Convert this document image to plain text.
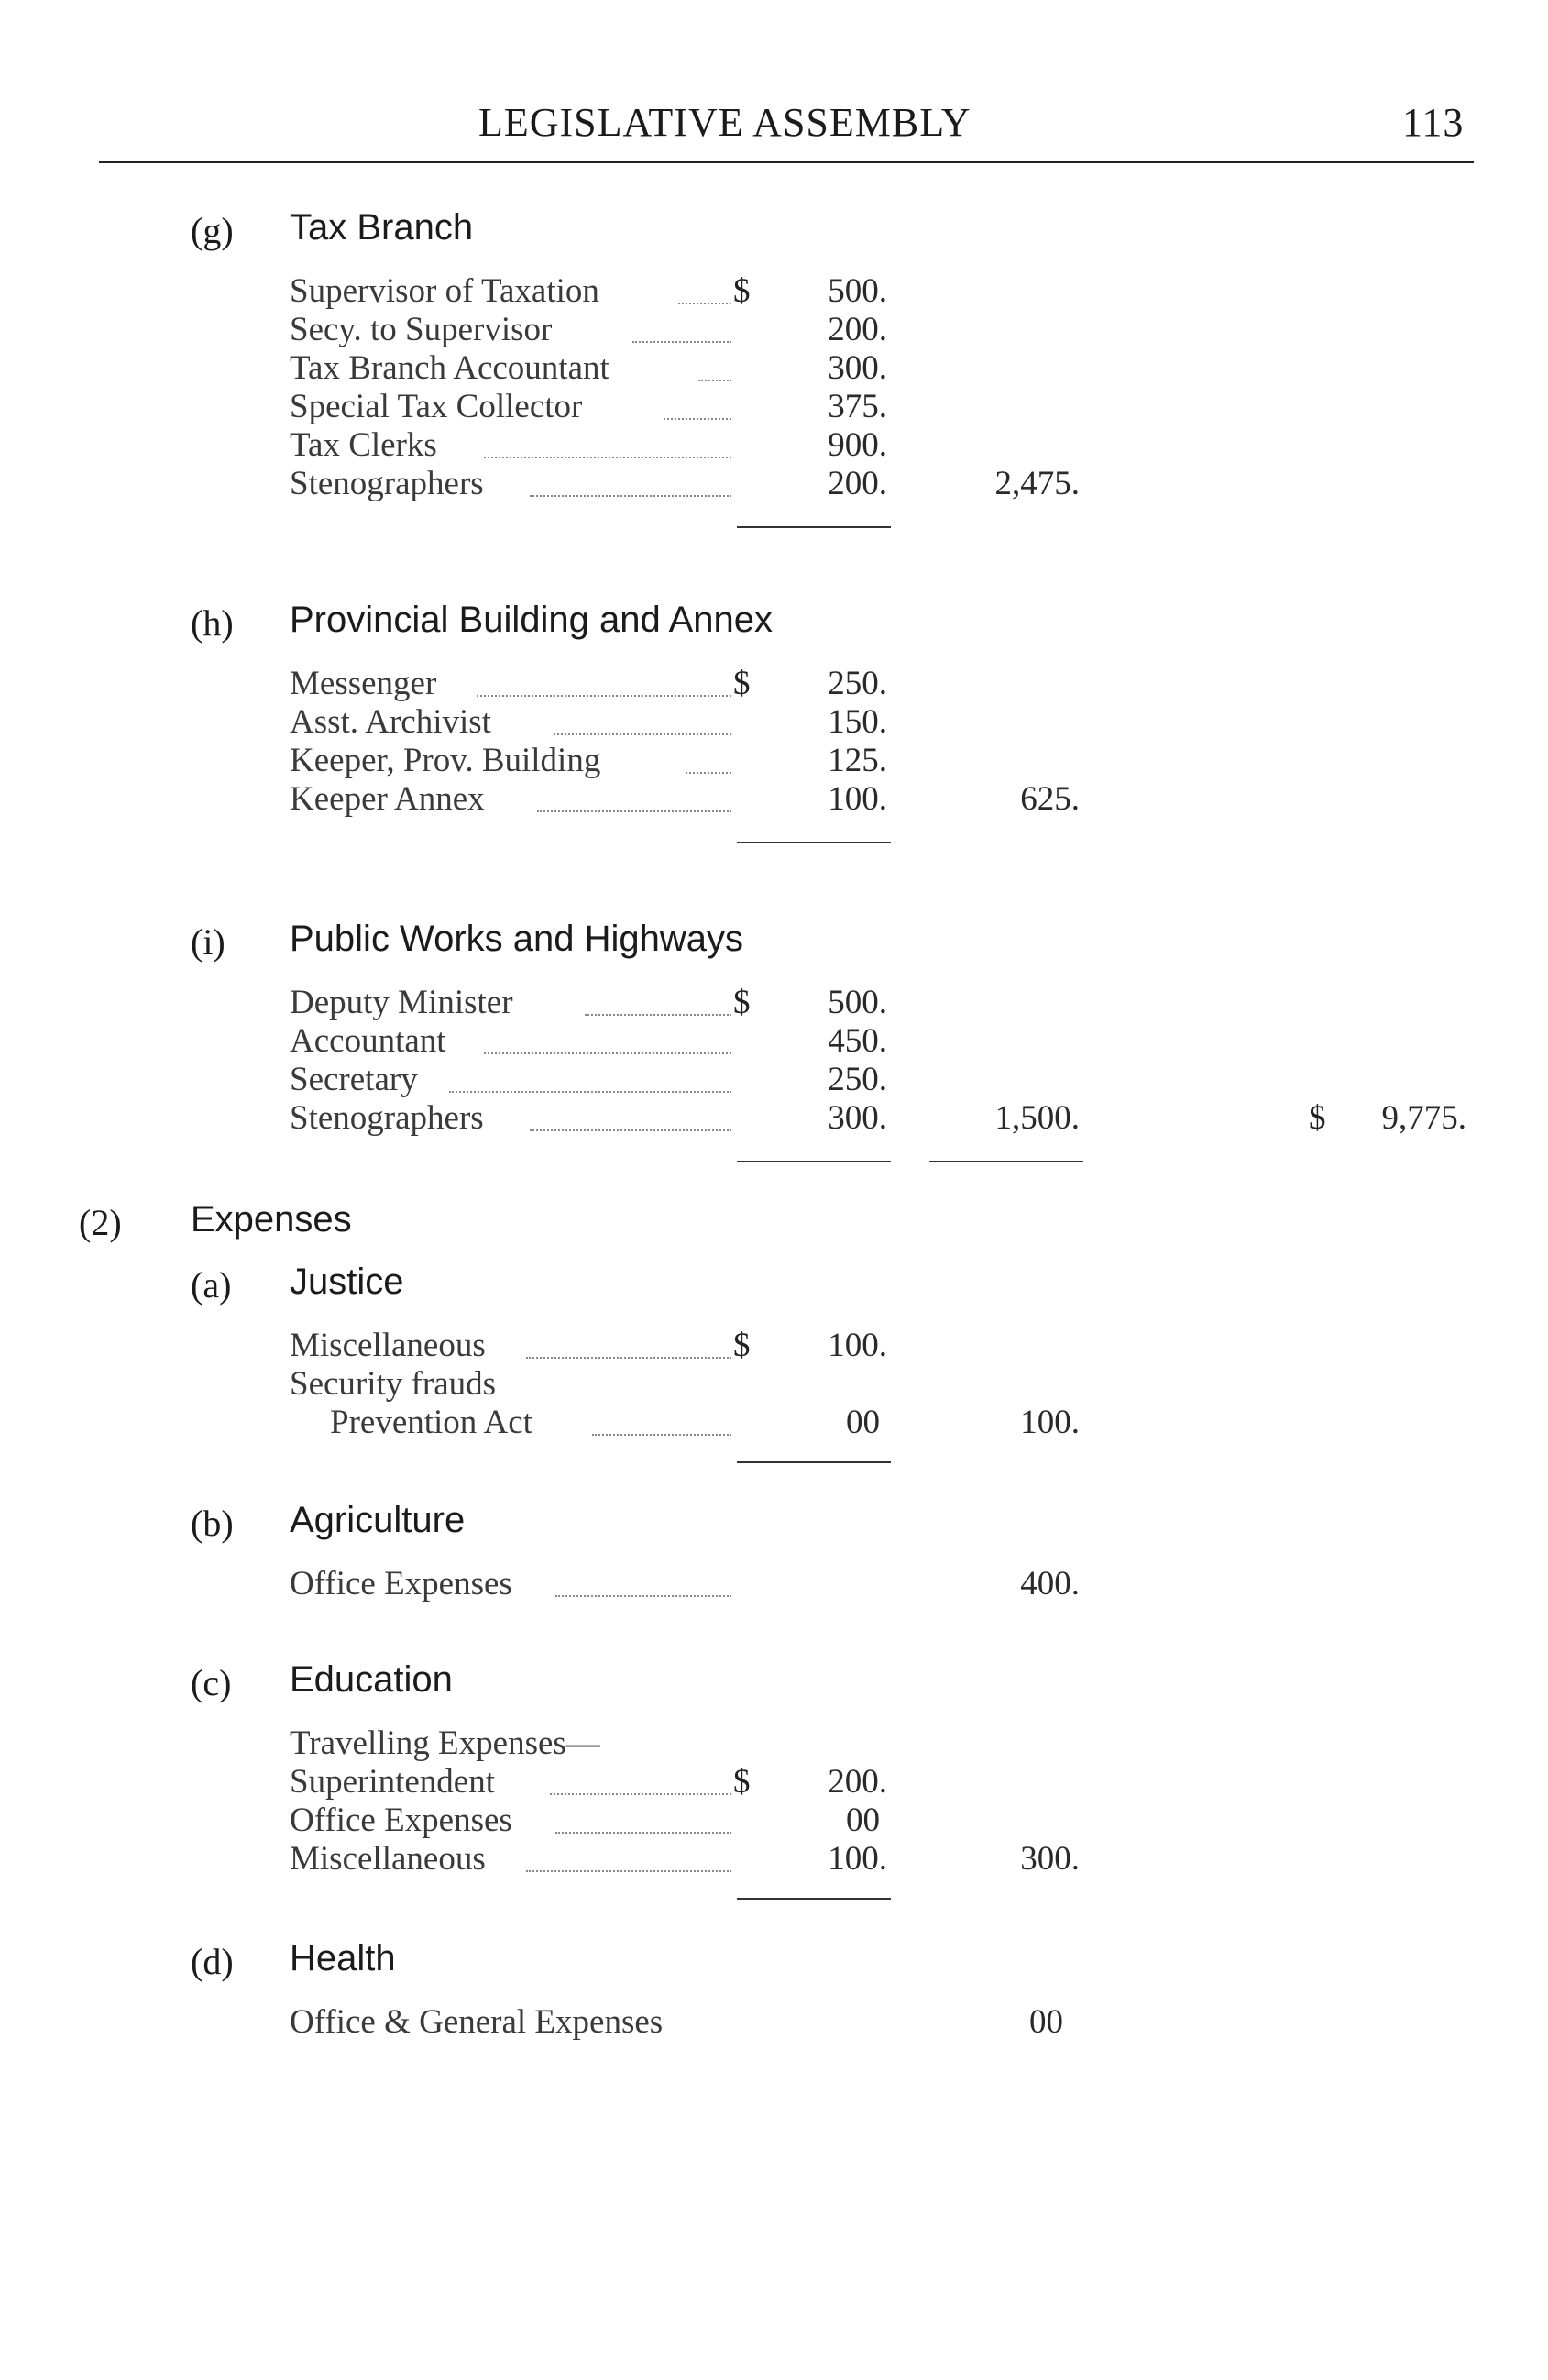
LEGISLATIVE ASSEMBLY	113
(g) Tax Branch
Supervisor of Taxation	$	500.
Secy. to Supervisor	200.
Tax Branch Accountant	300.
Special Tax Collector	375.
Tax Clerks	900.
Stenographers	200.	2,475.
(h) Provincial Building and Annex
Messenger	$	250.
Asst. Archivist	150.
Keeper, Prov. Building	125.
Keeper Annex	100.	625.
(i) Public Works and Highways
Deputy Minister	$	500.
Accountant	450.
Secretary	250.
Stenographers	300.	1,500.	$	9,775.
(2) Expenses
(a) Justice
Miscellaneous	$	100.
Security frauds
Prevention Act	00	100.
(b) Agriculture
Office Expenses	400.
(c) Education
Travelling Expenses—
Superintendent	$	200.
Office Expenses	00
Miscellaneous	100.	300.
(d) Health
Office & General Expenses	00
